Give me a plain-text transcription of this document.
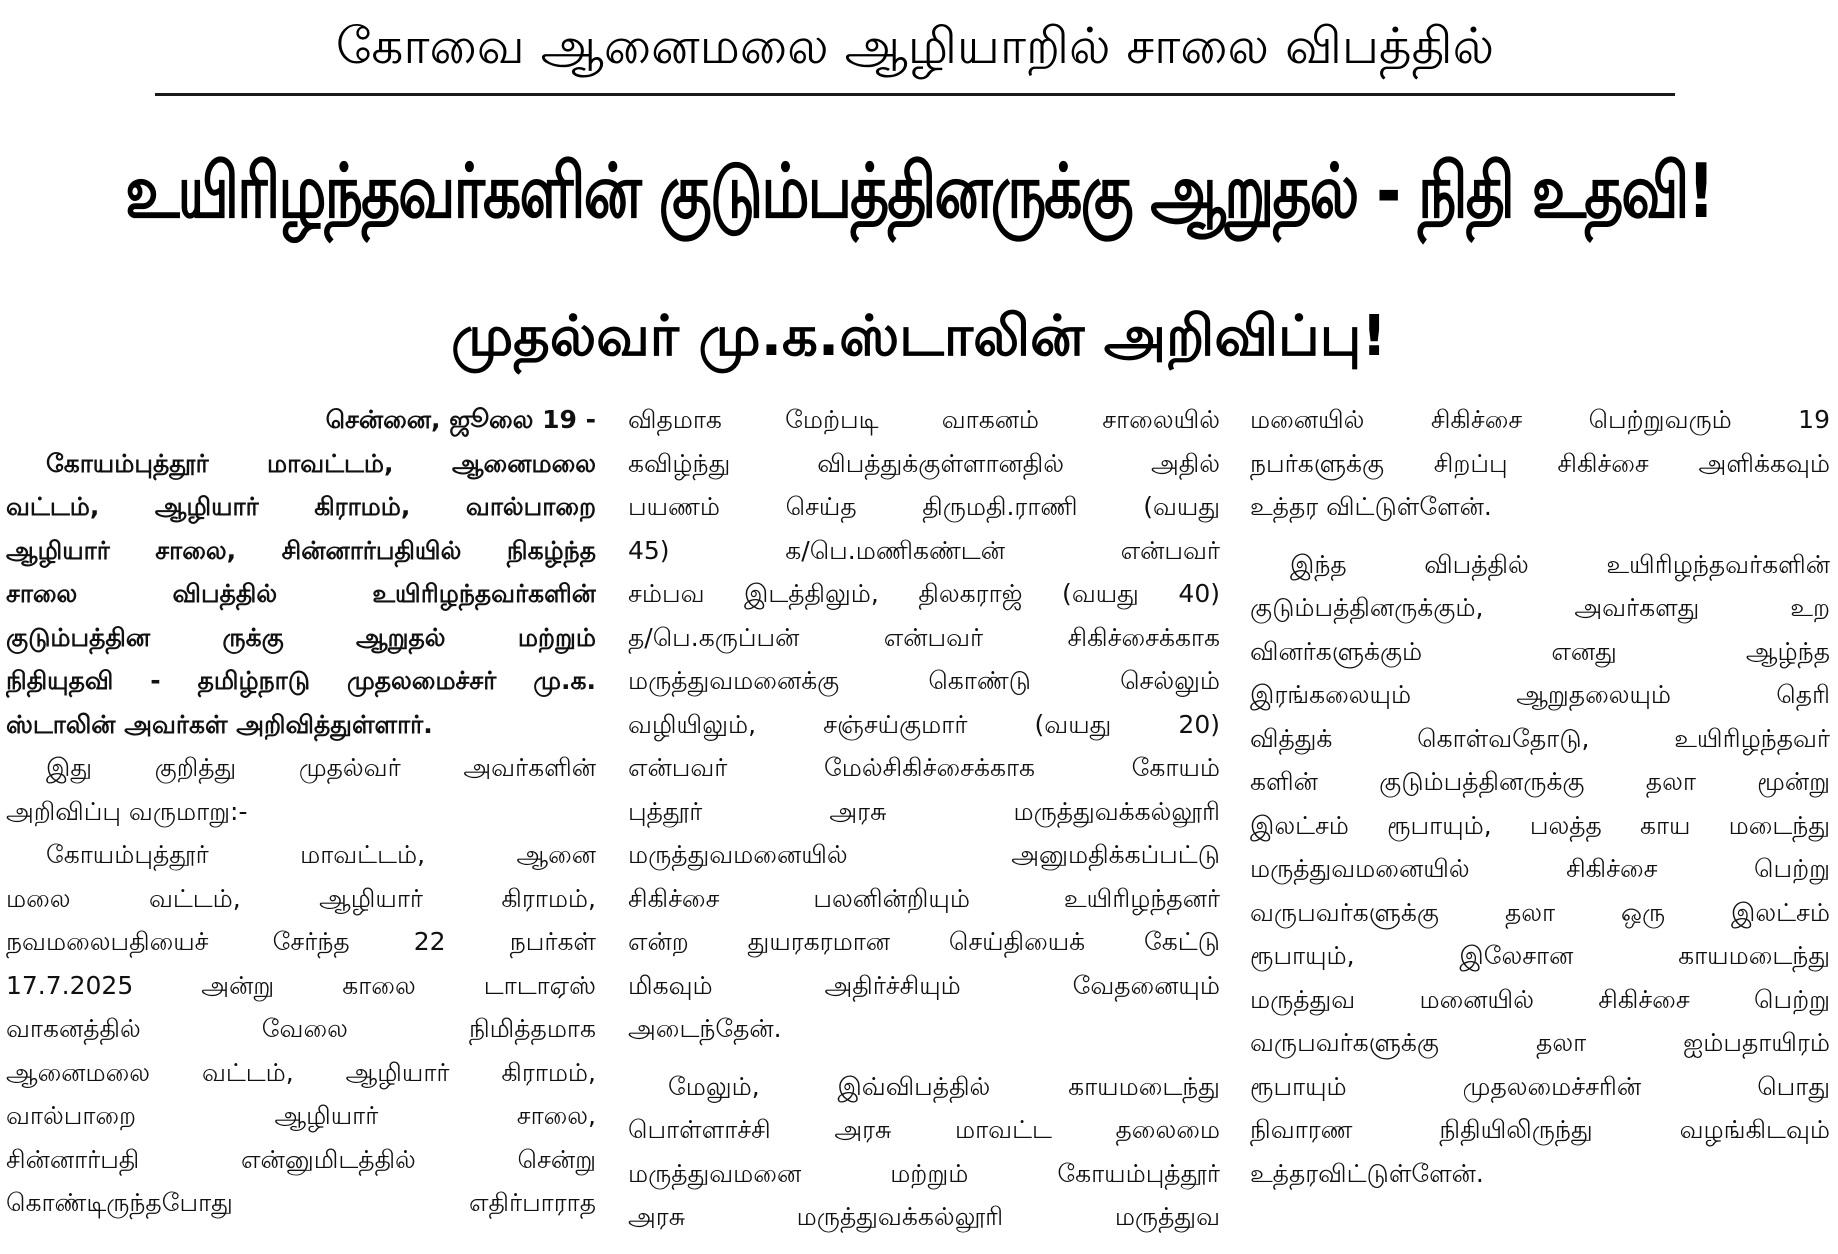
கோவை ஆனைமலை ஆழியாறில் சாலை விபத்தில்
உயிரிழந்தவர்களின் குடும்பத்தினருக்கு ஆறுதல் - நிதி உதவி!
முதல்வர் மு.க.ஸ்டாலின் அறிவிப்பு!
சென்னை, ஜூலை 19 -
கோயம்புத்தூர் மாவட்டம், ஆனைமலை
வட்டம், ஆழியார் கிராமம், வால்பாறை
ஆழியார் சாலை, சின்னார்பதியில் நிகழ்ந்த
சாலை விபத்தில் உயிரிழந்தவர்களின்
குடும்பத்தின ருக்கு ஆறுதல் மற்றும்
நிதியுதவி - தமிழ்நாடு முதலமைச்சர் மு.க.
ஸ்டாலின் அவர்கள் அறிவித்துள்ளார்.
இது குறித்து முதல்வர் அவர்களின்
அறிவிப்பு வருமாறு:-
கோயம்புத்தூர் மாவட்டம், ஆனை
மலை வட்டம், ஆழியார் கிராமம்,
நவமலைபதியைச் சேர்ந்த 22 நபர்கள்
17.7.2025 அன்று காலை டாடாஏஸ்
வாகனத்தில் வேலை நிமித்தமாக
ஆனைமலை வட்டம், ஆழியார் கிராமம்,
வால்பாறை ஆழியார் சாலை,
சின்னார்பதி என்னுமிடத்தில் சென்று
கொண்டிருந்தபோது எதிர்பாராத
விதமாக மேற்படி வாகனம் சாலையில்
கவிழ்ந்து விபத்துக்குள்ளானதில் அதில்
பயணம் செய்த திருமதி.ராணி (வயது
45) க/பெ.மணிகண்டன் என்பவர்
சம்பவ இடத்திலும், திலகராஜ் (வயது 40)
த/பெ.கருப்பன் என்பவர் சிகிச்சைக்காக
மருத்துவமனைக்கு கொண்டு செல்லும்
வழியிலும், சஞ்சய்குமார் (வயது 20)
என்பவர் மேல்சிகிச்சைக்காக கோயம்
புத்தூர் அரசு மருத்துவக்கல்லூரி
மருத்துவமனையில் அனுமதிக்கப்பட்டு
சிகிச்சை பலனின்றியும் உயிரிழந்தனர்
என்ற துயரகரமான செய்தியைக் கேட்டு
மிகவும் அதிர்ச்சியும் வேதனையும்
அடைந்தேன்.
மேலும், இவ்விபத்தில் காயமடைந்து
பொள்ளாச்சி அரசு மாவட்ட தலைமை
மருத்துவமனை மற்றும் கோயம்புத்தூர்
அரசு மருத்துவக்கல்லூரி மருத்துவ
மனையில் சிகிச்சை பெற்றுவரும் 19
நபர்களுக்கு சிறப்பு சிகிச்சை அளிக்கவும்
உத்தர விட்டுள்ளேன்.
இந்த விபத்தில் உயிரிழந்தவர்களின்
குடும்பத்தினருக்கும், அவர்களது உற
வினர்களுக்கும் எனது ஆழ்ந்த
இரங்கலையும் ஆறுதலையும் தெரி
வித்துக் கொள்வதோடு, உயிரிழந்தவர்
களின் குடும்பத்தினருக்கு தலா மூன்று
இலட்சம் ரூபாயும், பலத்த காய மடைந்து
மருத்துவமனையில் சிகிச்சை பெற்று
வருபவர்களுக்கு தலா ஒரு இலட்சம்
ரூபாயும், இலேசான காயமடைந்து
மருத்துவ மனையில் சிகிச்சை பெற்று
வருபவர்களுக்கு தலா ஐம்பதாயிரம்
ரூபாயும் முதலமைச்சரின் பொது
நிவாரண நிதியிலிருந்து வழங்கிடவும்
உத்தரவிட்டுள்ளேன்.
